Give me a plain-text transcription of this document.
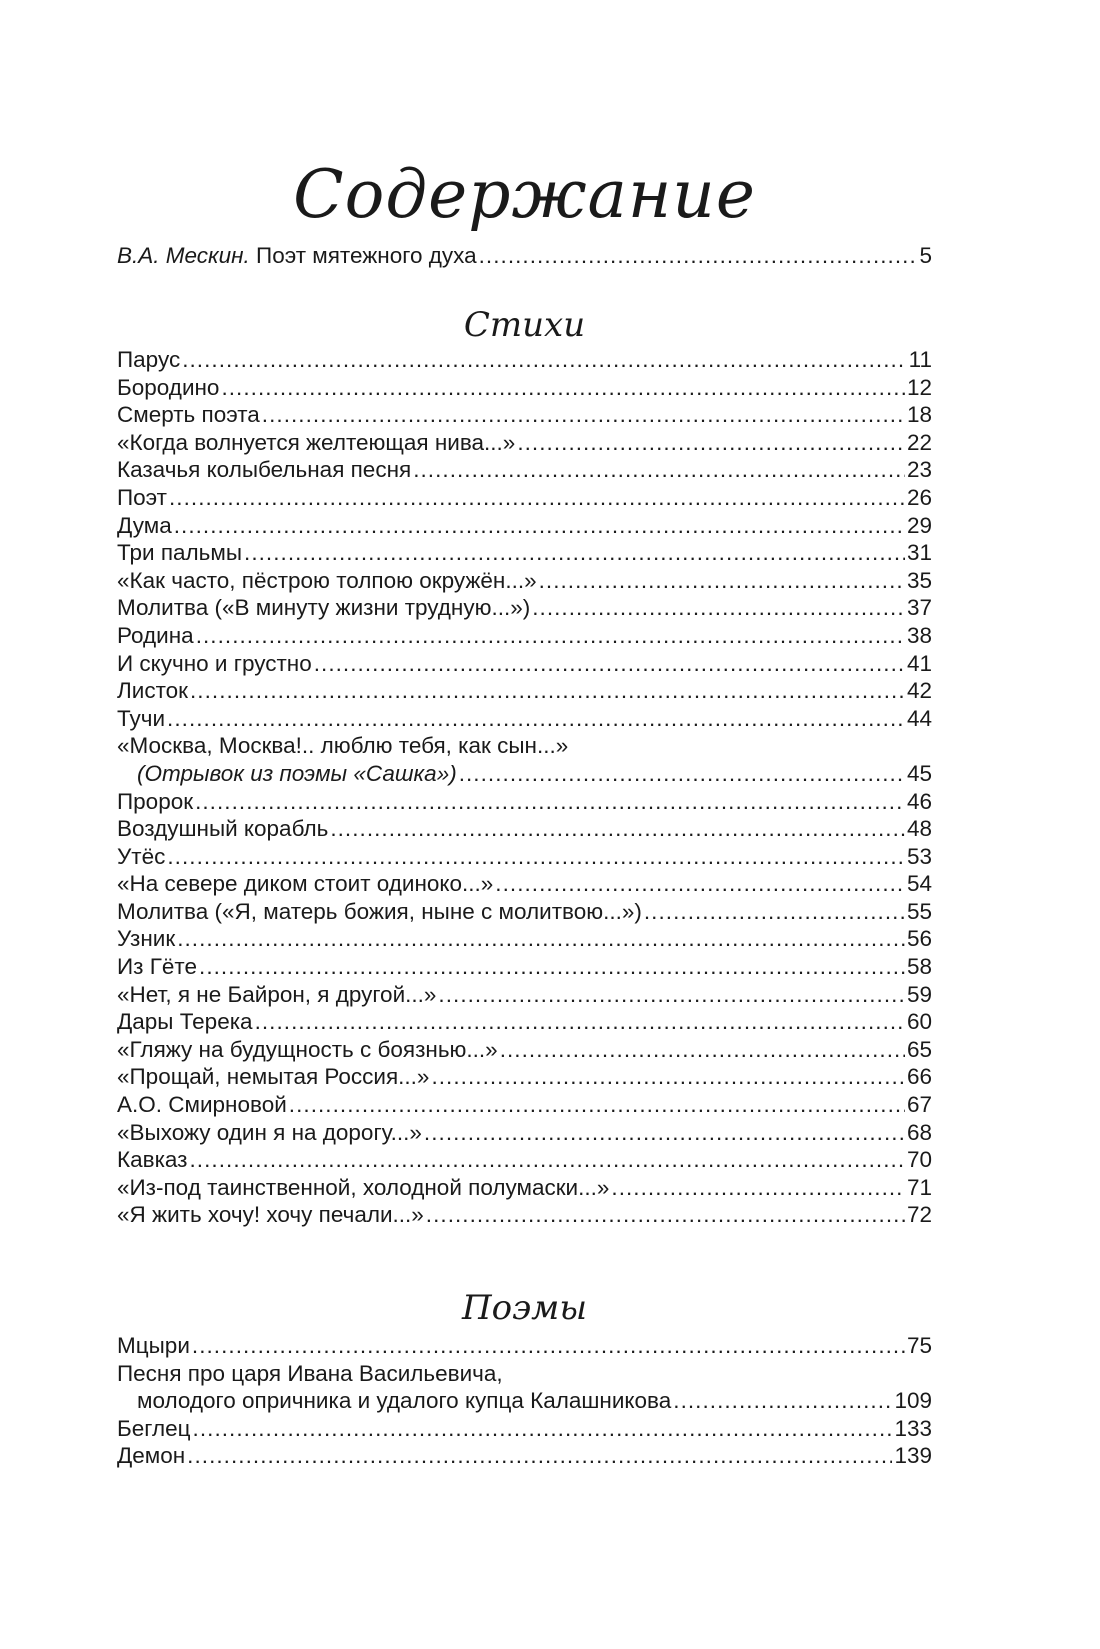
Содержание
В.А. Мескин. Поэт мятежного духа . . .	5
Стихи
Парус . . .	11
Бородино . . .	12
Смерть поэта . . .	18
«Когда волнуется желтеющая нива...» . . .	22
Казачья колыбельная песня . . .	23
Поэт . . .	26
Дума . . .	29
Три пальмы . . .	31
«Как часто, пёстрою толпою окружён...» . . .	35
Молитва («В минуту жизни трудную...») . . .	37
Родина . . .	38
И скучно и грустно . . .	41
Листок . . .	42
Тучи . . .	44
«Москва, Москва!.. люблю тебя, как сын...»
(Отрывок из поэмы «Сашка») . . .	45
Пророк . . .	46
Воздушный корабль . . .	48
Утёс . . .	53
«На севере диком стоит одиноко...» . . .	54
Молитва («Я, матерь божия, ныне с молитвою...») . . .	55
Узник . . .	56
Из Гёте . . .	58
«Нет, я не Байрон, я другой...» . . .	59
Дары Терека . . .	60
«Гляжу на будущность с боязнью...» . . .	65
«Прощай, немытая Россия...» . . .	66
А.О. Смирновой . . .	67
«Выхожу один я на дорогу...» . . .	68
Кавказ . . .	70
«Из-под таинственной, холодной полумаски...» . . .	71
«Я жить хочу! хочу печали...» . . .	72
Поэмы
Мцыри . . .	75
Песня про царя Ивана Васильевича,
молодого опричника и удалого купца Калашникова . . .	109
Беглец . . .	133
Демон . . .	139
